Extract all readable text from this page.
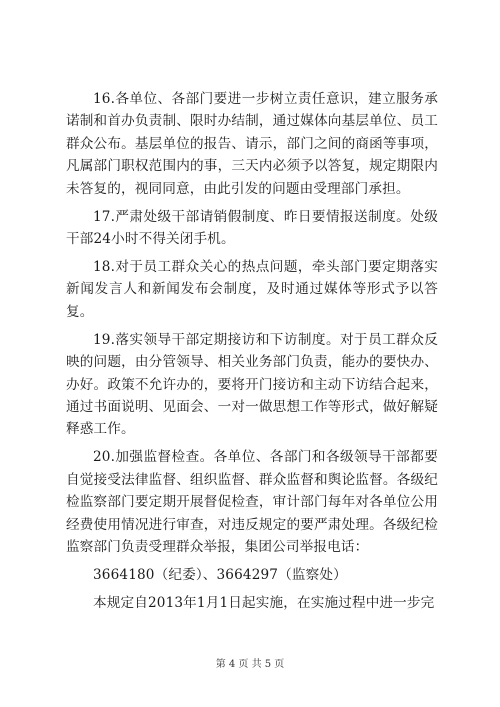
16.各单位、各部门要进一步树立责任意识，建立服务承诺制和首办负责制、限时办结制，通过媒体向基层单位、员工群众公布。基层单位的报告、请示，部门之间的商函等事项，凡属部门职权范围内的事，三天内必须予以答复，规定期限内未答复的，视同同意，由此引发的问题由受理部门承担。

17.严肃处级干部请销假制度、昨日要情报送制度。处级干部24小时不得关闭手机。

18.对于员工群众关心的热点问题，牵头部门要定期落实新闻发言人和新闻发布会制度，及时通过媒体等形式予以答复。

19.落实领导干部定期接访和下访制度。对于员工群众反映的问题，由分管领导、相关业务部门负责，能办的要快办、办好。政策不允许办的，要将开门接访和主动下访结合起来，通过书面说明、见面会、一对一做思想工作等形式，做好解疑释惑工作。

20.加强监督检查。各单位、各部门和各级领导干部都要自觉接受法律监督、组织监督、群众监督和舆论监督。各级纪检监察部门要定期开展督促检查，审计部门每年对各单位公用经费使用情况进行审查，对违反规定的要严肃处理。各级纪检监察部门负责受理群众举报，集团公司举报电话：

3664180（纪委）、3664297（监察处）

本规定自2013年1月1日起实施，在实施过程中进一步完

第 4 页 共 5 页
